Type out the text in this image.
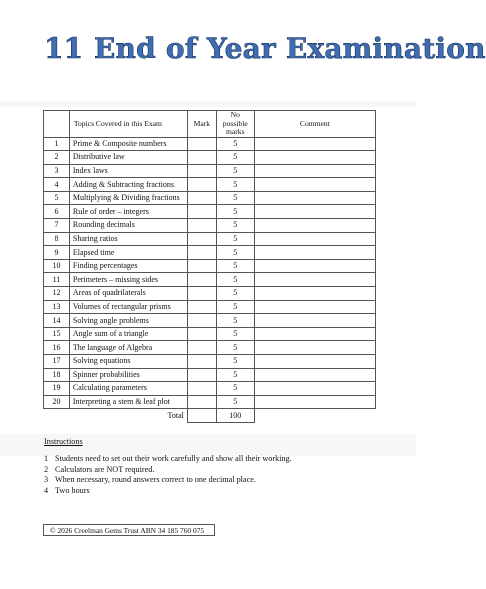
11 End of Year Examination
	Topics Covered in this Exam	Mark	No possible marks	Comment
1	Prime & Composite numbers		5	
2	Distributive law		5	
3	Index laws		5	
4	Adding & Subtracting fractions		5	
5	Multiplying & Dividing fractions		5	
6	Rule of order – integers		5	
7	Rounding decimals		5	
8	Sharing ratios		5	
9	Elapsed time		5	
10	Finding percentages		5	
11	Perimeters – missing sides		5	
12	Areas of quadrilaterals		5	
13	Volumes of rectangular prisms		5	
14	Solving angle problems		5	
15	Angle sum of a triangle		5	
16	The language of Algebra		5	
17	Solving equations		5	
18	Spinner probabilities		5	
19	Calculating parameters		5	
20	Interpreting a stem & leaf plot		5	
	Total		100	
Instructions
1 Students need to set out their work carefully and show all their working.
2 Calculators are NOT required.
3 When necessary, round answers correct to one decimal place.
4 Two hours
© 2026 Creelman Gems Trust ABN 34 185 760 075
